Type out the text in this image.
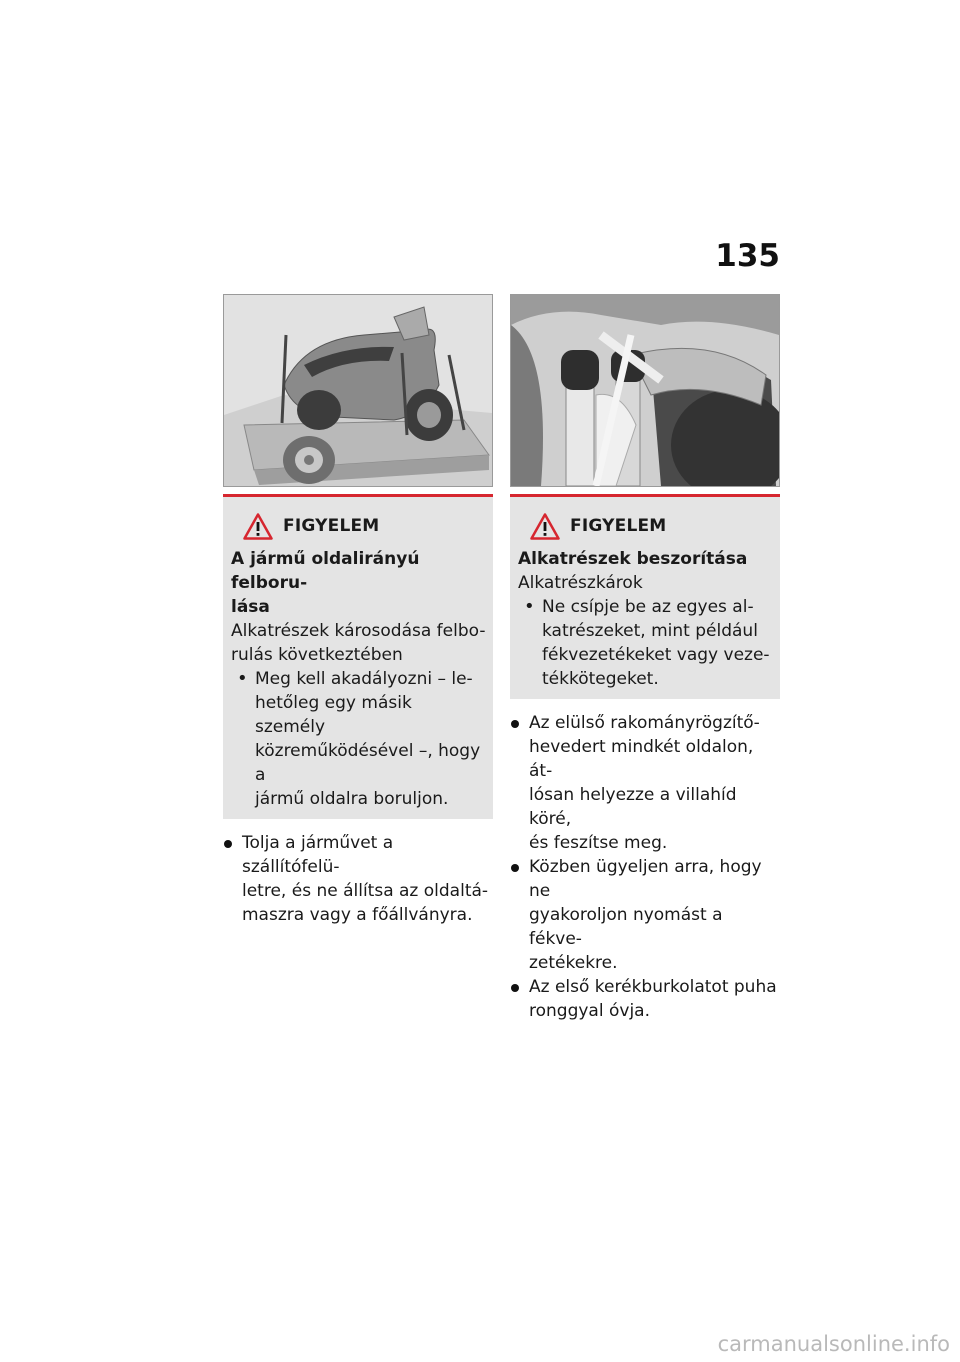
135
FIGYELEM
A jármű oldalirányú felboru-
lása
Alkatrészek károsodása felbo-
rulás következtében
• Meg kell akadályozni – le-
hetőleg egy másik személy
közreműködésével –, hogy a
jármű oldalra boruljon.
Tolja a járművet a szállítófelü-
letre, és ne állítsa az oldaltá-
maszra vagy a főállványra.
FIGYELEM
Alkatrészek beszorítása
Alkatrészkárok
• Ne csípje be az egyes al-
katrészeket, mint például
fékvezetékeket vagy veze-
tékkötegeket.
Az elülső rakományrögzítő-
hevedert mindkét oldalon, át-
lósan helyezze a villahíd köré,
és feszítse meg.
Közben ügyeljen arra, hogy ne
gyakoroljon nyomást a fékve-
zetékekre.
Az első kerékburkolatot puha
ronggyal óvja.
carmanualsonline.info
